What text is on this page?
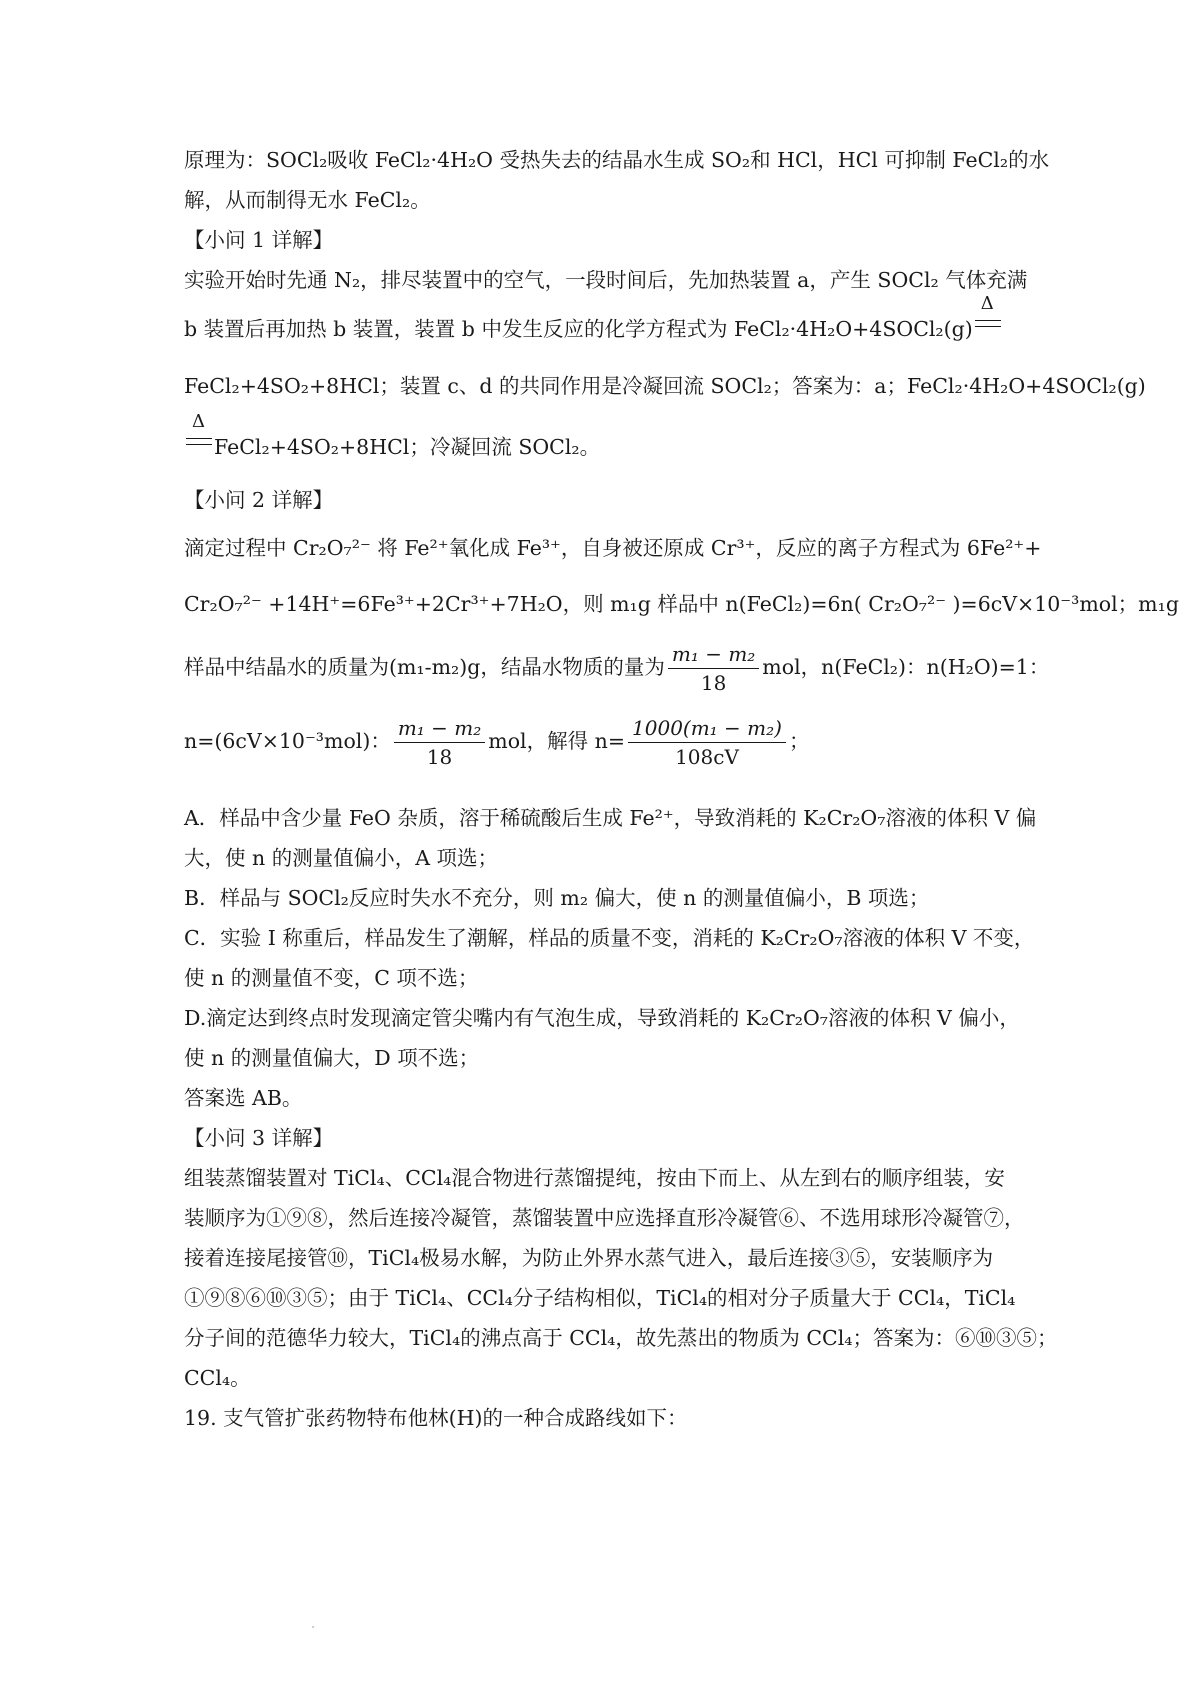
原理为：SOCl₂吸收 FeCl₂·4H₂O 受热失去的结晶水生成 SO₂和 HCl，HCl 可抑制 FeCl₂的水
解，从而制得无水 FeCl₂。
【小问 1 详解】
实验开始时先通 N₂，排尽装置中的空气，一段时间后，先加热装置 a，产生 SOCl₂ 气体充满
b 装置后再加热 b 装置，装置 b 中发生反应的化学方程式为 FeCl₂·4H₂O+4SOCl₂(g)
Δ
FeCl₂+4SO₂+8HCl；装置 c、d 的共同作用是冷凝回流 SOCl₂；答案为：a；FeCl₂·4H₂O+4SOCl₂(g)
Δ
FeCl₂+4SO₂+8HCl；冷凝回流 SOCl₂。
【小问 2 详解】
滴定过程中 Cr₂O₇²⁻ 将 Fe²⁺氧化成 Fe³⁺，自身被还原成 Cr³⁺，反应的离子方程式为 6Fe²⁺+
Cr₂O₇²⁻ +14H⁺=6Fe³⁺+2Cr³⁺+7H₂O，则 m₁g 样品中 n(FeCl₂)=6n( Cr₂O₇²⁻ )=6cV×10⁻³mol；m₁g
样品中结晶水的质量为(m₁-m₂)g，结晶水物质的量为 $\frac{\text{m₁ − m₂}}{18}$ mol，n(FeCl₂)：n(H₂O)=1：
n=(6cV×10⁻³mol)： $\frac{\text{m₁ − m₂}}{18}$ mol，解得 $n= \frac{\text{1000(m₁ − m₂)}}{108cV}$ ；
A．样品中含少量 FeO 杂质，溶于稀硫酸后生成 Fe²⁺，导致消耗的 K₂Cr₂O₇溶液的体积 V 偏
大，使 n 的测量值偏小，A 项选；
B．样品与 SOCl₂反应时失水不充分，则 m₂ 偏大，使 n 的测量值偏小，B 项选；
C．实验 I 称重后，样品发生了潮解，样品的质量不变，消耗的 K₂Cr₂O₇溶液的体积 V 不变，
使 n 的测量值不变，C 项不选；
D.滴定达到终点时发现滴定管尖嘴内有气泡生成，导致消耗的 K₂Cr₂O₇溶液的体积 V 偏小，
使 n 的测量值偏大，D 项不选；
答案选 AB。
【小问 3 详解】
组装蒸馏装置对 TiCl₄、CCl₄混合物进行蒸馏提纯，按由下而上、从左到右的顺序组装，安
装顺序为①⑨⑧，然后连接冷凝管，蒸馏装置中应选择直形冷凝管⑥、不选用球形冷凝管⑦，
接着连接尾接管⑩，TiCl₄极易水解，为防止外界水蒸气进入，最后连接③⑤，安装顺序为
①⑨⑧⑥⑩③⑤；由于 TiCl₄、CCl₄分子结构相似，TiCl₄的相对分子质量大于 CCl₄，TiCl₄
分子间的范德华力较大，TiCl₄的沸点高于 CCl₄，故先蒸出的物质为 CCl₄；答案为：⑥⑩③⑤；
CCl₄。
19. 支气管扩张药物特布他林(H)的一种合成路线如下：
